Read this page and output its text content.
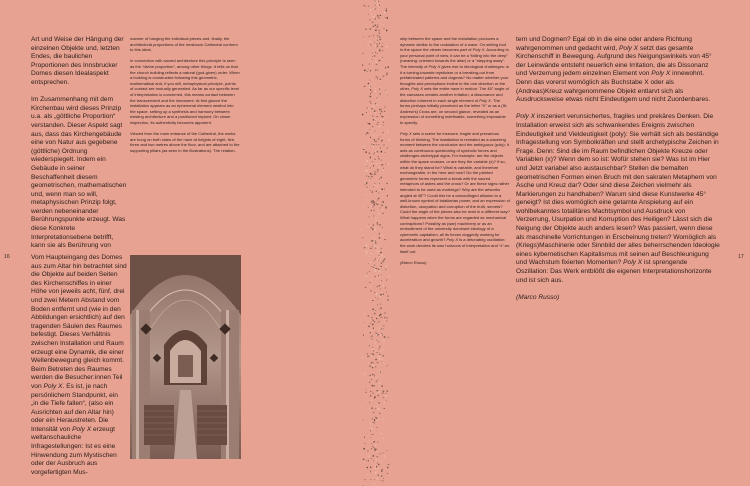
Art und Weise der Hängung der einzelnen Objekte und, letzten Endes, die baulichen Proportionen des Innsbrucker Domes diesen Idealaspekt entsprechen.

Im Zusammenhang mit dem Kirchenbau wird dieses Prinzip u.a. als „göttliche Proportion“ verstanden. Dieser Aspekt sagt aus, dass das Kirchengebäude eine von Natur aus gegebene (göttliche) Ordnung wiederspiegelt. Indem ein Gebäude in seiner Beschaffenheit diesem geometrischen, mathematischen und, wenn man so will, metaphysischen Prinzip folgt, werden nebeneinander Berührungspunkte erzeugt. Was diese Konkrete Interpretationsebene betrifft, kann sie als Berührung von

Vom Haupteingang des Domes aus zum Altar hin betrachtet sind die Objekte auf beiden Seiten des Kirchenschiffes in einer Höhe von jeweils acht, fünf, drei und zwei Metern Abstand vom Boden entfernt und (wie in den Abbildungen ersichtlich) auf den tragenden Säulen des Raumes befestigt. Dieses Verhältnis zwischen Installation und Raum erzeugt eine Dynamik, die einer Wellenbewegung gleich kommt. Beim Betreten des Raumes werden die Besucher:innen Teil von Poly X. Es ist, je nach persönlichem Standpunkt, ein „in die Tiefe fallen“, (also ein Ausrichten auf den Altar hin) oder ein Heraustreten. Die Intensität von Poly X erzeugt weltanschauliche Infragestellungen: Ist es eine Hinwendung zum Mystischen oder der Ausbruch aus vorgefertigten Mus-

manner of hanging the individual pieces and, finally, the architectural proportions of the Innsbruck Cathedral conform to this ideal.

In connection with sacred architecture this principle is seen as the “divine proportion”, among other things. It tells us that the church building reflects a natural (god-given) order. When a building is constructed following this geometric, mathematical and, if you will, metaphysical principle, points of contact are mutually generated. As far as our specific level of interpretation is concerned, this means contact between the transcendent and the immanent. At first glance the installation appears as an ephemeral element nestled into the space, setting up a synthesis and harmony between existing architecture and a positioned implant. On closer inspection, its authenticity becomes apparent.

Viewed from the main entrance of the Cathedral, the works are hung on both sides of the nave at heights of eight, five, three and two metres above the floor, and are attached to the supporting pillars (as seen in the illustrations). The relation-

16

ship between the space and the installation produces a dynamic similar to the undulation of a wave. On setting foot in the space the viewer becomes part of Poly X. According to your personal point of view, it can be a “falling into the deep” (meaning: oriented towards the altar) or a “stepping away”. The intensity of Poly X gives rise to ideological challenges: is it a turning-towards mysticism or a breaking-out from prefabricated patterns and dogmas? No matter whether your thoughts and perceptions incline to the one direction or the other, Poly X sets the entire nave in motion. The 45° angle of the canvases creates another irritation, a dissonance and distortion inherent in each single element of Poly X. The forms perhaps initially perceived as the letter “X” or as a (St. Andrew's) Cross are, on second glance, revealed as an expression of something indefinable, something impossible to specify.

Poly X sets a scene for insecure, fragile and precarious forms of thinking. The installation is revealed as a wavering moment between the conclusive and the ambiguous (poly): it acts as continuous questioning of symbolic forces and challenges archetypal signs. For example: are the objects within the space crosses, or are they the variable (x)? If so, what do they stand for? What is variable, and therefore exchangeable, in the here and now? Do the painted geometric forms represent a break with the sacred metaphors of ashes and the cross? Or are these signs rather intended to be used as markings? Why are the artworks angled at 45°? Could this be a camouflaged allusion to a well-known symbol of totalitarian power, and an expression of distortion, usurpation and corruption of the truth, secrets? Could the angle of the pieces also be read in a different way? What happens when the forms are regarded as mechanical contraptions? Possibly as (war) machinery or as an embodiment of the university dominant ideology of a cybernetic capitalism, all its forces doggedly working for acceleration and growth? Poly X is a detonating oscillation: the work devotes its own horizons of interpretation and “x”-es itself out.

(Marco Russo)

tern und Dogmen? Egal ob in die eine oder andere Richtung wahrgenommen und gedacht wird, Poly X setzt das gesamte Kirchenschiff in Bewegung. Aufgrund des Neigungswinkels von 45° der Leinwände entsteht neuerlich eine Irritation, die als Dissonanz und Verzerrung jedem einzelnen Element von Poly X innewohnt. Denn das vorerst womöglich als Buchstabe X oder als (Andreas)Kreuz wahrgenommene Objekt entlarvt sich als Ausdrucksweise etwas nicht Eindeutigem und nicht Zuordenbares.

Poly X inszeniert verunsichertes, fragiles und prekäres Denken. Die Installation erweist sich als schwankendes Ereignis zwischen Eindeutigkeit und Vieldeutigkeit (poly): Sie verhält sich als beständige Infragestellung von Symbolkräften und stellt archetypische Zeichen in Frage. Denn: Sind die im Raum befindlichen Objekte Kreuze oder Variablen (x)? Wenn dem so ist: Wofür stehen sie? Was ist im Hier und Jetzt variabel also austauschbar? Stellen die bemalten geometrischen Formen einen Bruch mit den sakralen Metaphern von Asche und Kreuz dar? Oder sind diese Zeichen vielmehr als Markierungen zu handhaben? Warum sind diese Kunstwerke 45° geneigt? Ist dies womöglich eine getarnte Anspielung auf ein wohlbekanntes totalitäres Machtsymbol und Ausdruck von Verzerrung, Usurpation und Korruption des Heiligen? Lässt sich die Neigung der Objekte auch anders lesen? Was passiert, wenn diese als maschinelle Vorrichtungen in Erscheinung treten? Womöglich als (Kriegs)Maschinerie oder Sinnbild der alles beherrschenden Ideologie eines kybernetischen Kapitalismus mit seinen auf Beschleunigung und Wachstum fixierten Momenten? Poly X ist sprengende Oszillation: Das Werk entblößt die eigenen Interpretationshorizonte und ist sich aus.

(Marco Russo)

17
